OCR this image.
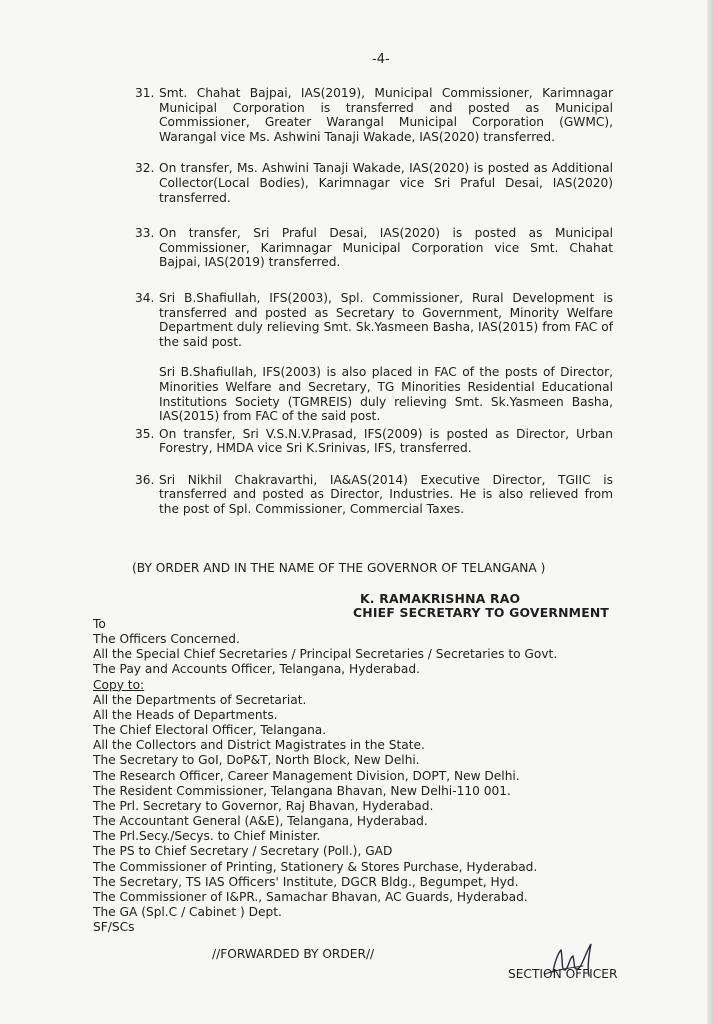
-4-
31. Smt. Chahat Bajpai, IAS(2019), Municipal Commissioner, Karimnagar Municipal Corporation is transferred and posted as Municipal Commissioner, Greater Warangal Municipal Corporation (GWMC), Warangal vice Ms. Ashwini Tanaji Wakade, IAS(2020) transferred.
32. On transfer, Ms. Ashwini Tanaji Wakade, IAS(2020) is posted as Additional Collector(Local Bodies), Karimnagar vice Sri Praful Desai, IAS(2020) transferred.
33. On transfer, Sri Praful Desai, IAS(2020) is posted as Municipal Commissioner, Karimnagar Municipal Corporation vice Smt. Chahat Bajpai, IAS(2019) transferred.
34. Sri B.Shafiullah, IFS(2003), Spl. Commissioner, Rural Development is transferred and posted as Secretary to Government, Minority Welfare Department duly relieving Smt. Sk.Yasmeen Basha, IAS(2015) from FAC of the said post.
Sri B.Shafiullah, IFS(2003) is also placed in FAC of the posts of Director, Minorities Welfare and Secretary, TG Minorities Residential Educational Institutions Society (TGMREIS) duly relieving Smt. Sk.Yasmeen Basha, IAS(2015) from FAC of the said post.
35. On transfer, Sri V.S.N.V.Prasad, IFS(2009) is posted as Director, Urban Forestry, HMDA vice Sri K.Srinivas, IFS, transferred.
36. Sri Nikhil Chakravarthi, IA&AS(2014) Executive Director, TGIIC is transferred and posted as Director, Industries. He is also relieved from the post of Spl. Commissioner, Commercial Taxes.
(BY ORDER AND IN THE NAME OF THE GOVERNOR OF TELANGANA )
K. RAMAKRISHNA RAO
CHIEF SECRETARY TO GOVERNMENT
To
The Officers Concerned.
All the Special Chief Secretaries / Principal Secretaries / Secretaries to Govt.
The Pay and Accounts Officer, Telangana, Hyderabad.
Copy to:
All the Departments of Secretariat.
All the Heads of Departments.
The Chief Electoral Officer, Telangana.
All the Collectors and District Magistrates in the State.
The Secretary to GoI, DoP&T, North Block, New Delhi.
The Research Officer, Career Management Division, DOPT, New Delhi.
The Resident Commissioner, Telangana Bhavan, New Delhi-110 001.
The Prl. Secretary to Governor, Raj Bhavan, Hyderabad.
The Accountant General (A&E), Telangana, Hyderabad.
The Prl.Secy./Secys. to Chief Minister.
The PS to Chief Secretary / Secretary (Poll.), GAD
The Commissioner of Printing, Stationery & Stores Purchase, Hyderabad.
The Secretary, TS IAS Officers' Institute, DGCR Bldg., Begumpet, Hyd.
The Commissioner of I&PR., Samachar Bhavan, AC Guards, Hyderabad.
The GA (Spl.C / Cabinet ) Dept.
SF/SCs
//FORWARDED BY ORDER//
SECTION OFFICER
